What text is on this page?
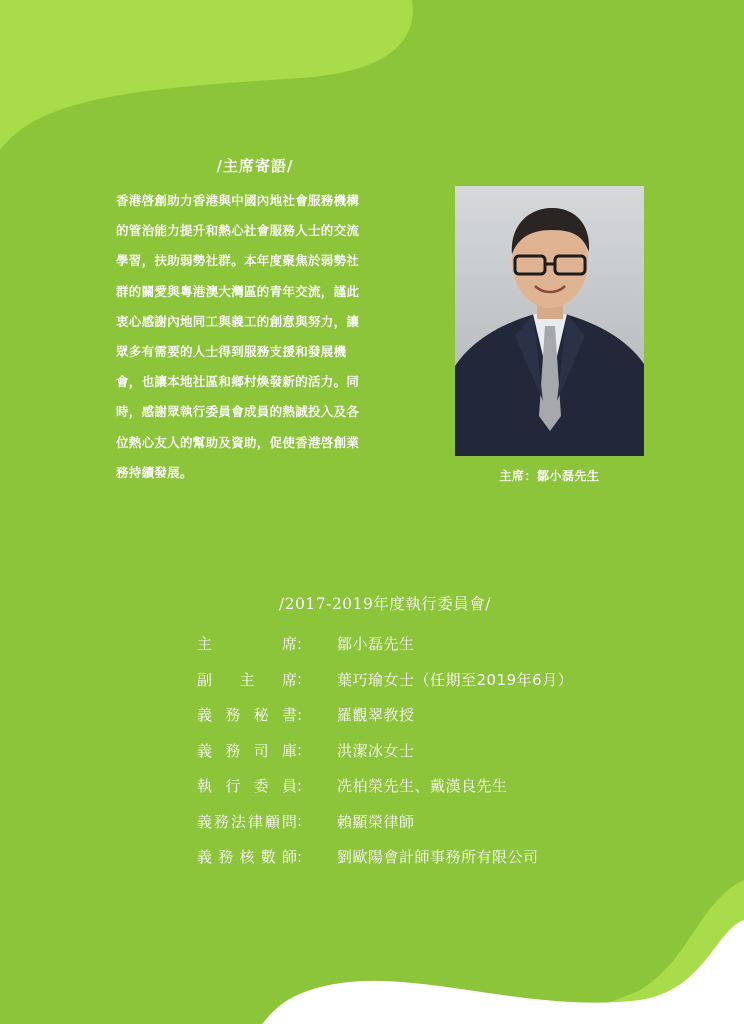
/主席寄語/
香港啓創助力香港與中國內地社會服務機構
的管治能力提升和熱心社會服務人士的交流
學習，扶助弱勢社群。本年度聚焦於弱勢社
群的關愛與粵港澳大灣區的青年交流，謹此
衷心感謝內地同工與義工的創意與努力，讓
眾多有需要的人士得到服務支援和發展機
會，也讓本地社區和鄉村煥發新的活力。同
時，感謝眾執行委員會成員的熱誠投入及各
位熱心友人的幫助及資助，促使香港啓創業
務持續發展。	主席：鄒小磊先生
/2017-2019年度執行委員會/
主	席 :	鄒小磊先生
副 主 席 :	葉巧瑜女士（任期至2019年6月）
義 務 秘 書 :	羅觀翠教授
義 務 司 庫 :	洪潔冰女士
執 行 委 員 :	冼柏榮先生、戴漢良先生
義 務 法 律 顧 問 :	賴顯榮律師
義 務 核 數 師 :	劉歐陽會計師事務所有限公司
